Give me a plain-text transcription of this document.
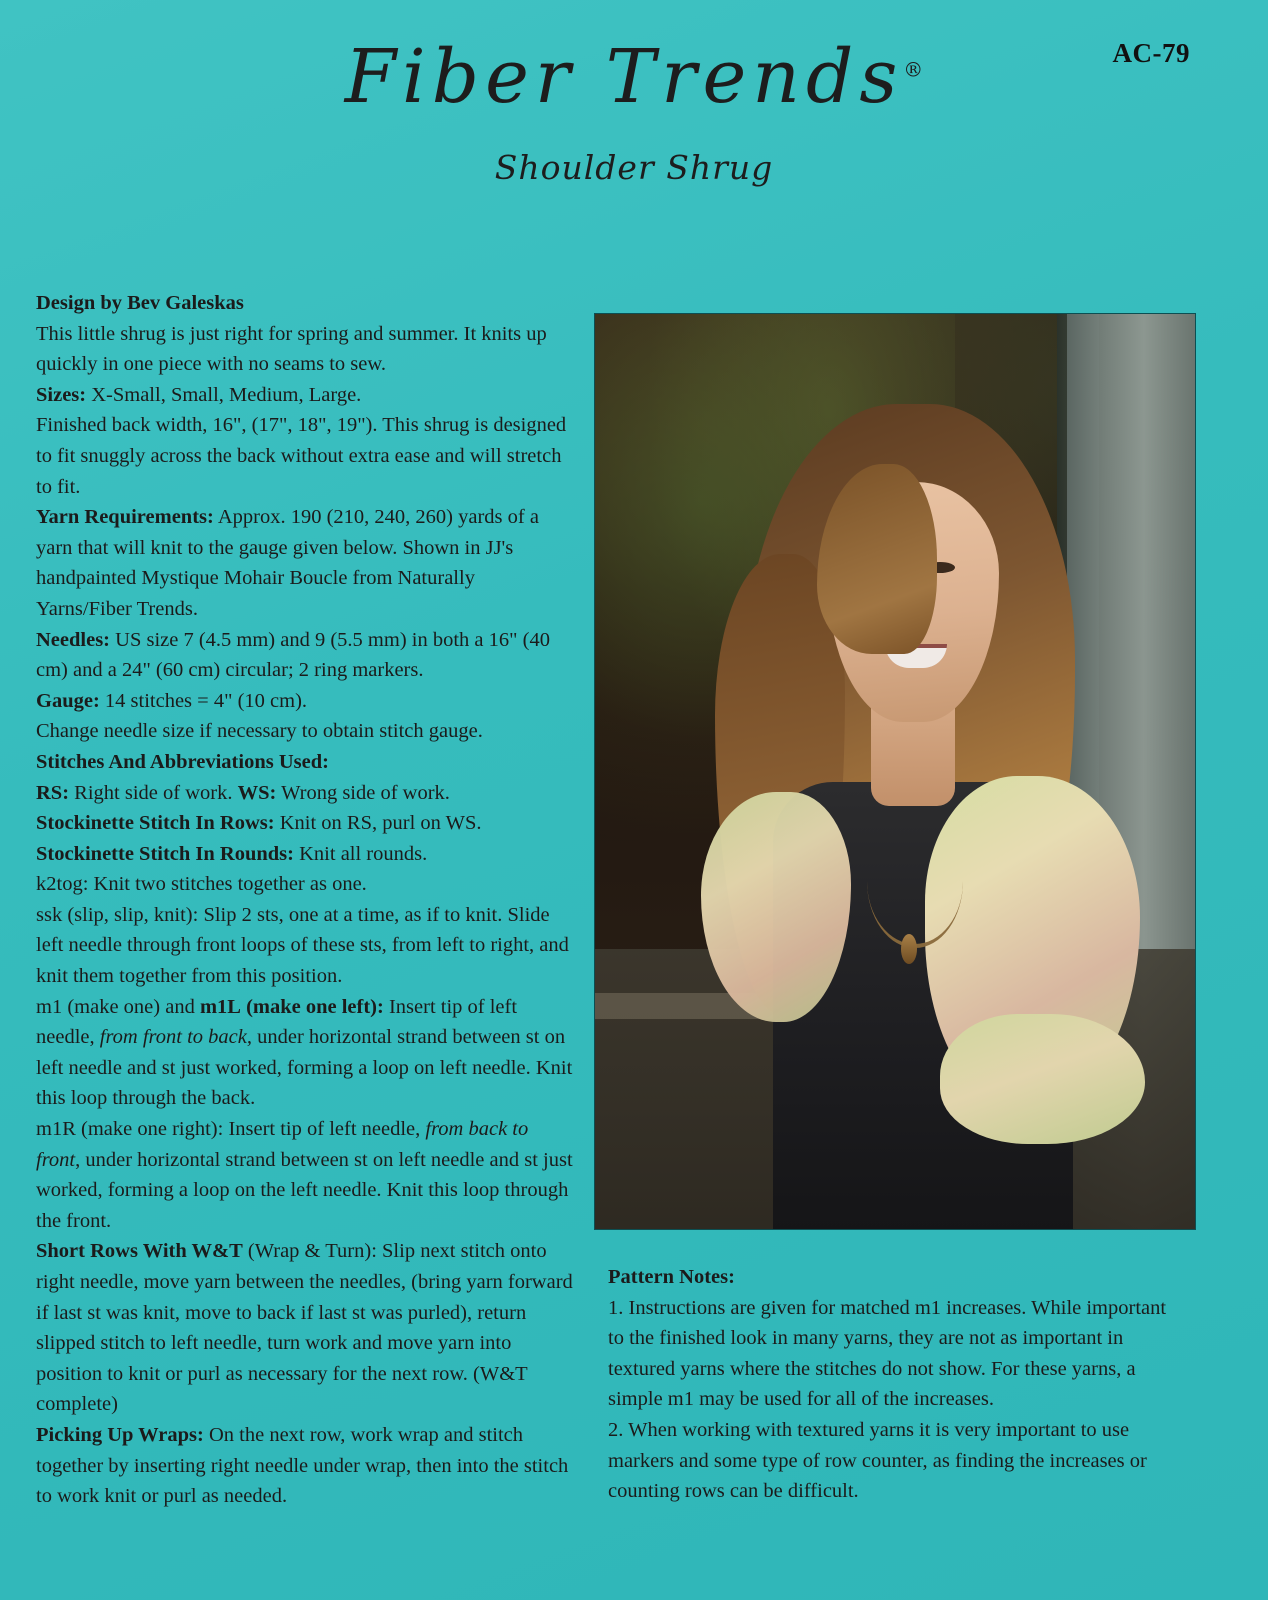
Fiber Trends®
Shoulder Shrug
AC-79

Design by Bev Galeskas

This little shrug is just right for spring and summer. It knits up quickly in one piece with no seams to sew.

Sizes: X-Small, Small, Medium, Large.

Finished back width, 16", (17", 18", 19"). This shrug is designed to fit snuggly across the back without extra ease and will stretch to fit.

Yarn Requirements: Approx. 190 (210, 240, 260) yards of a yarn that will knit to the gauge given below. Shown in JJ's handpainted Mystique Mohair Boucle from Naturally Yarns/Fiber Trends.

Needles: US size 7 (4.5 mm) and 9 (5.5 mm) in both a 16" (40 cm) and a 24" (60 cm) circular; 2 ring markers.

Gauge: 14 stitches = 4" (10 cm).

Change needle size if necessary to obtain stitch gauge.

Stitches And Abbreviations Used:

RS: Right side of work. WS: Wrong side of work.

Stockinette Stitch In Rows: Knit on RS, purl on WS.

Stockinette Stitch In Rounds: Knit all rounds.

k2tog: Knit two stitches together as one.

ssk (slip, slip, knit): Slip 2 sts, one at a time, as if to knit. Slide left needle through front loops of these sts, from left to right, and knit them together from this position.

m1 (make one) and m1L (make one left): Insert tip of left needle, from front to back, under horizontal strand between st on left needle and st just worked, forming a loop on left needle. Knit this loop through the back.

m1R (make one right): Insert tip of left needle, from back to front, under horizontal strand between st on left needle and st just worked, forming a loop on the left needle. Knit this loop through the front.

Short Rows With W&T (Wrap & Turn): Slip next stitch onto right needle, move yarn between the needles, (bring yarn forward if last st was knit, move to back if last st was purled), return slipped stitch to left needle, turn work and move yarn into position to knit or purl as necessary for the next row. (W&T complete)

Picking Up Wraps: On the next row, work wrap and stitch together by inserting right needle under wrap, then into the stitch to work knit or purl as needed.

Pattern Notes:

1. Instructions are given for matched m1 increases. While important to the finished look in many yarns, they are not as important in textured yarns where the stitches do not show. For these yarns, a simple m1 may be used for all of the increases.

2. When working with textured yarns it is very important to use markers and some type of row counter, as finding the increases or counting rows can be difficult.
